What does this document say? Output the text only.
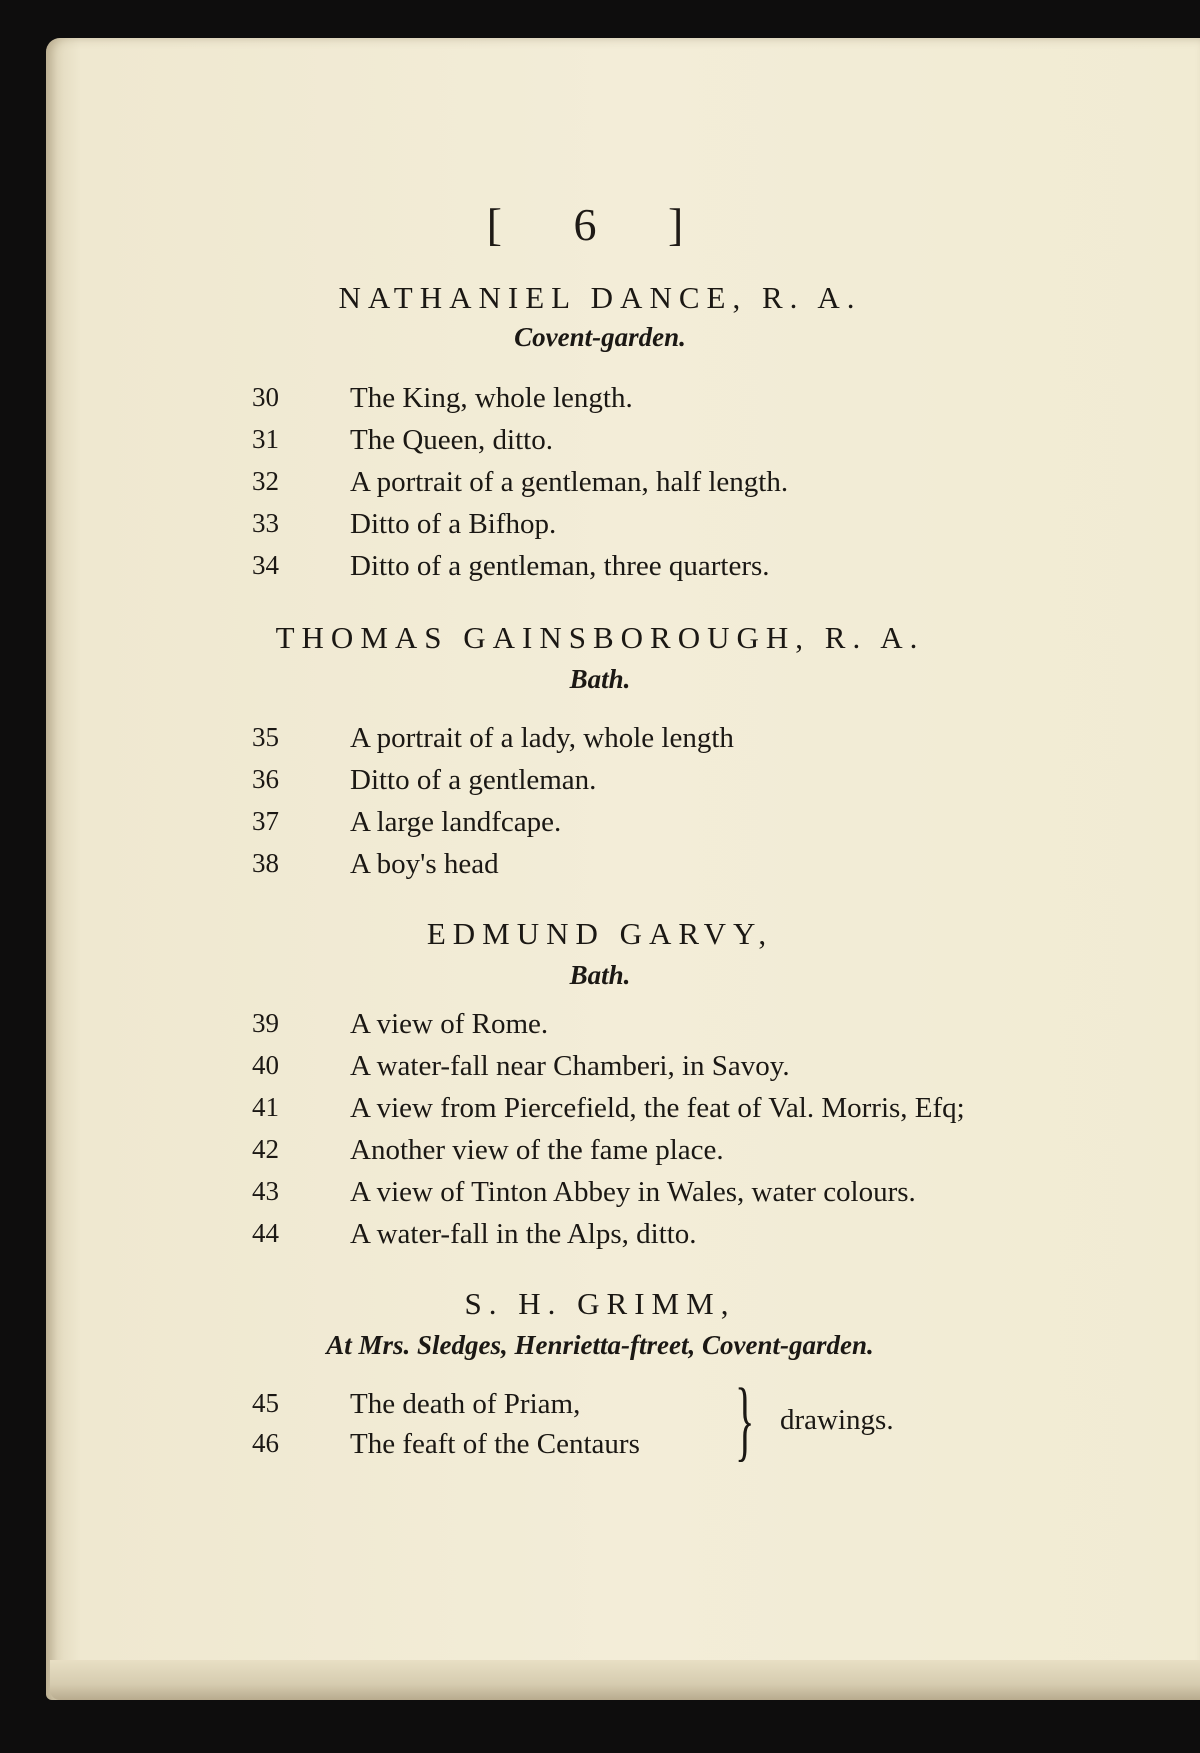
[ 6 ]
NATHANIEL DANCE, R. A.
Covent-garden.
30 The King, whole length.
31 The Queen, ditto.
32 A portrait of a gentleman, half length.
33 Ditto of a Bifhop.
34 Ditto of a gentleman, three quarters.
THOMAS GAINSBOROUGH, R. A.
Bath.
35 A portrait of a lady, whole length
36 Ditto of a gentleman.
37 A large landfcape.
38 A boy's head
EDMUND GARVY,
Bath.
39 A view of Rome.
40 A water-fall near Chamberi, in Savoy.
41 A view from Piercefield, the feat of Val. Morris, Efq;
42 Another view of the fame place.
43 A view of Tinton Abbey in Wales, water colours.
44 A water-fall in the Alps, ditto.
S. H. GRIMM,
At Mrs. Sledges, Henrietta-ftreet, Covent-garden.
45 The death of Priam,
46 The feaft of the Centaurs } drawings.
